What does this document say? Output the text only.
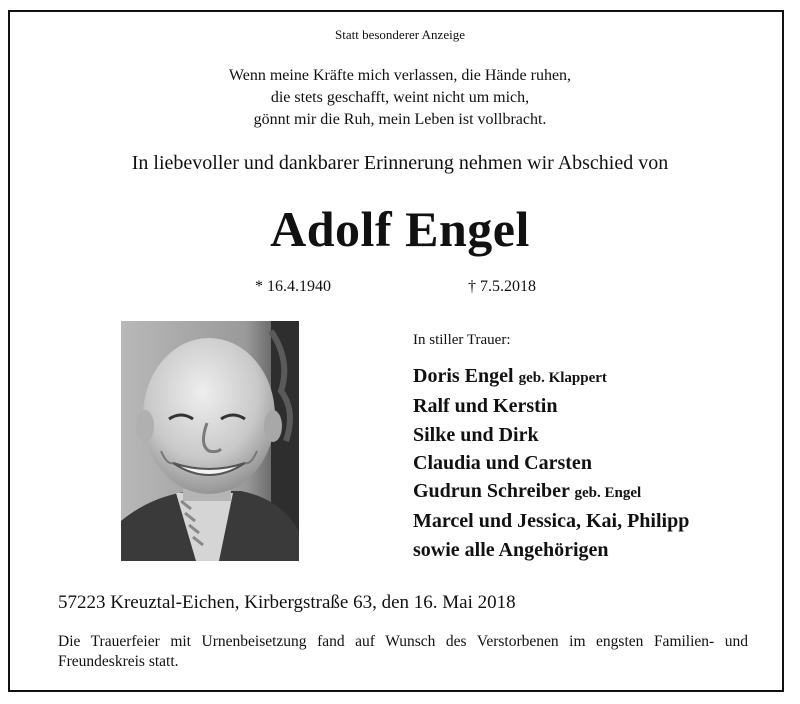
Statt besonderer Anzeige
Wenn meine Kräfte mich verlassen, die Hände ruhen,
die stets geschafft, weint nicht um mich,
gönnt mir die Ruh, mein Leben ist vollbracht.
In liebevoller und dankbarer Erinnerung nehmen wir Abschied von
Adolf Engel
* 16.4.1940	† 7.5.2018
In stiller Trauer:
Doris Engel geb. Klappert
Ralf und Kerstin
Silke und Dirk
Claudia und Carsten
Gudrun Schreiber geb. Engel
Marcel und Jessica, Kai, Philipp
sowie alle Angehörigen
57223 Kreuztal-Eichen, Kirbergstraße 63, den 16. Mai 2018
Die Trauerfeier mit Urnenbeisetzung fand auf Wunsch des Verstorbenen im engsten Familien- und Freundeskreis statt.
